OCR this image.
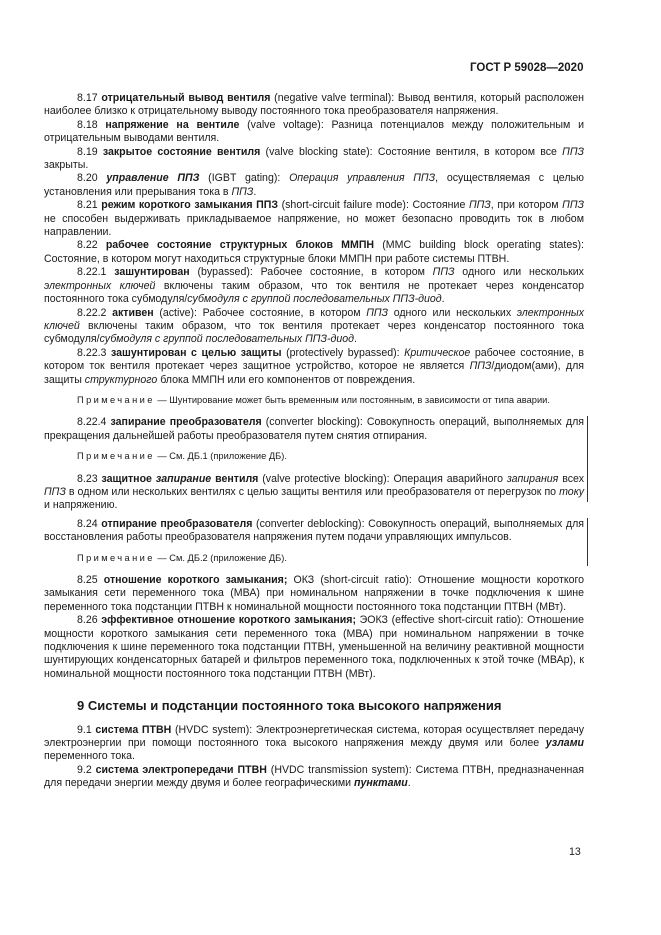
ГОСТ Р 59028—2020

8.17 отрицательный вывод вентиля (negative valve terminal): Вывод вентиля, который расположен наиболее близко к отрицательному выводу постоянного тока преобразователя напряжения.

8.18 напряжение на вентиле (valve voltage): Разница потенциалов между положительным и отрицательным выводами вентиля.

8.19 закрытое состояние вентиля (valve blocking state): Состояние вентиля, в котором все ППЗ закрыты.

8.20 управление ППЗ (IGBT gating): Операция управления ППЗ, осуществляемая с целью установления или прерывания тока в ППЗ.

8.21 режим короткого замыкания ППЗ (short-circuit failure mode): Состояние ППЗ, при котором ППЗ не способен выдерживать прикладываемое напряжение, но может безопасно проводить ток в любом направлении.

8.22 рабочее состояние структурных блоков ММПН (MMC building block operating states): Состояние, в котором могут находиться структурные блоки ММПН при работе системы ПТВН.

8.22.1 зашунтирован (bypassed): Рабочее состояние, в котором ППЗ одного или нескольких электронных ключей включены таким образом, что ток вентиля не протекает через конденсатор постоянного тока субмодуля/субмодуля с группой последовательных ППЗ-диод.

8.22.2 активен (active): Рабочее состояние, в котором ППЗ одного или нескольких электронных ключей включены таким образом, что ток вентиля протекает через конденсатор постоянного тока субмодуля/субмодуля с группой последовательных ППЗ-диод.

8.22.3 зашунтирован с целью защиты (protectively bypassed): Критическое рабочее состояние, в котором ток вентиля протекает через защитное устройство, которое не является ППЗ/диодом(ами), для защиты структурного блока ММПН или его компонентов от повреждения.

Примечание — Шунтирование может быть временным или постоянным, в зависимости от типа аварии.

8.22.4 запирание преобразователя (converter blocking): Совокупность операций, выполняемых для прекращения дальнейшей работы преобразователя путем снятия отпирания.

Примечание — См. ДБ.1 (приложение ДБ).

8.23 защитное запирание вентиля (valve protective blocking): Операция аварийного запирания всех ППЗ в одном или нескольких вентилях с целью защиты вентиля или преобразователя от перегрузок по току и напряжению.

8.24 отпирание преобразователя (converter deblocking): Совокупность операций, выполняемых для восстановления работы преобразователя напряжения путем подачи управляющих импульсов.

Примечание — См. ДБ.2 (приложение ДБ).

8.25 отношение короткого замыкания; ОКЗ (short-circuit ratio): Отношение мощности короткого замыкания сети переменного тока (МВА) при номинальном напряжении в точке подключения к шине переменного тока подстанции ПТВН к номинальной мощности постоянного тока подстанции ПТВН (МВт).

8.26 эффективное отношение короткого замыкания; ЭОКЗ (effective short-circuit ratio): Отношение мощности короткого замыкания сети переменного тока (МВА) при номинальном напряжении в точке подключения к шине переменного тока подстанции ПТВН, уменьшенной на величину реактивной мощности шунтирующих конденсаторных батарей и фильтров переменного тока, подключенных к этой точке (МВАр), к номинальной мощности постоянного тока подстанции ПТВН (МВт).

9 Системы и подстанции постоянного тока высокого напряжения

9.1 система ПТВН (HVDC system): Электроэнергетическая система, которая осуществляет передачу электроэнергии при помощи постоянного тока высокого напряжения между двумя или более узлами переменного тока.

9.2 система электропередачи ПТВН (HVDC transmission system): Система ПТВН, предназначенная для передачи энергии между двумя и более географическими пунктами.

13
